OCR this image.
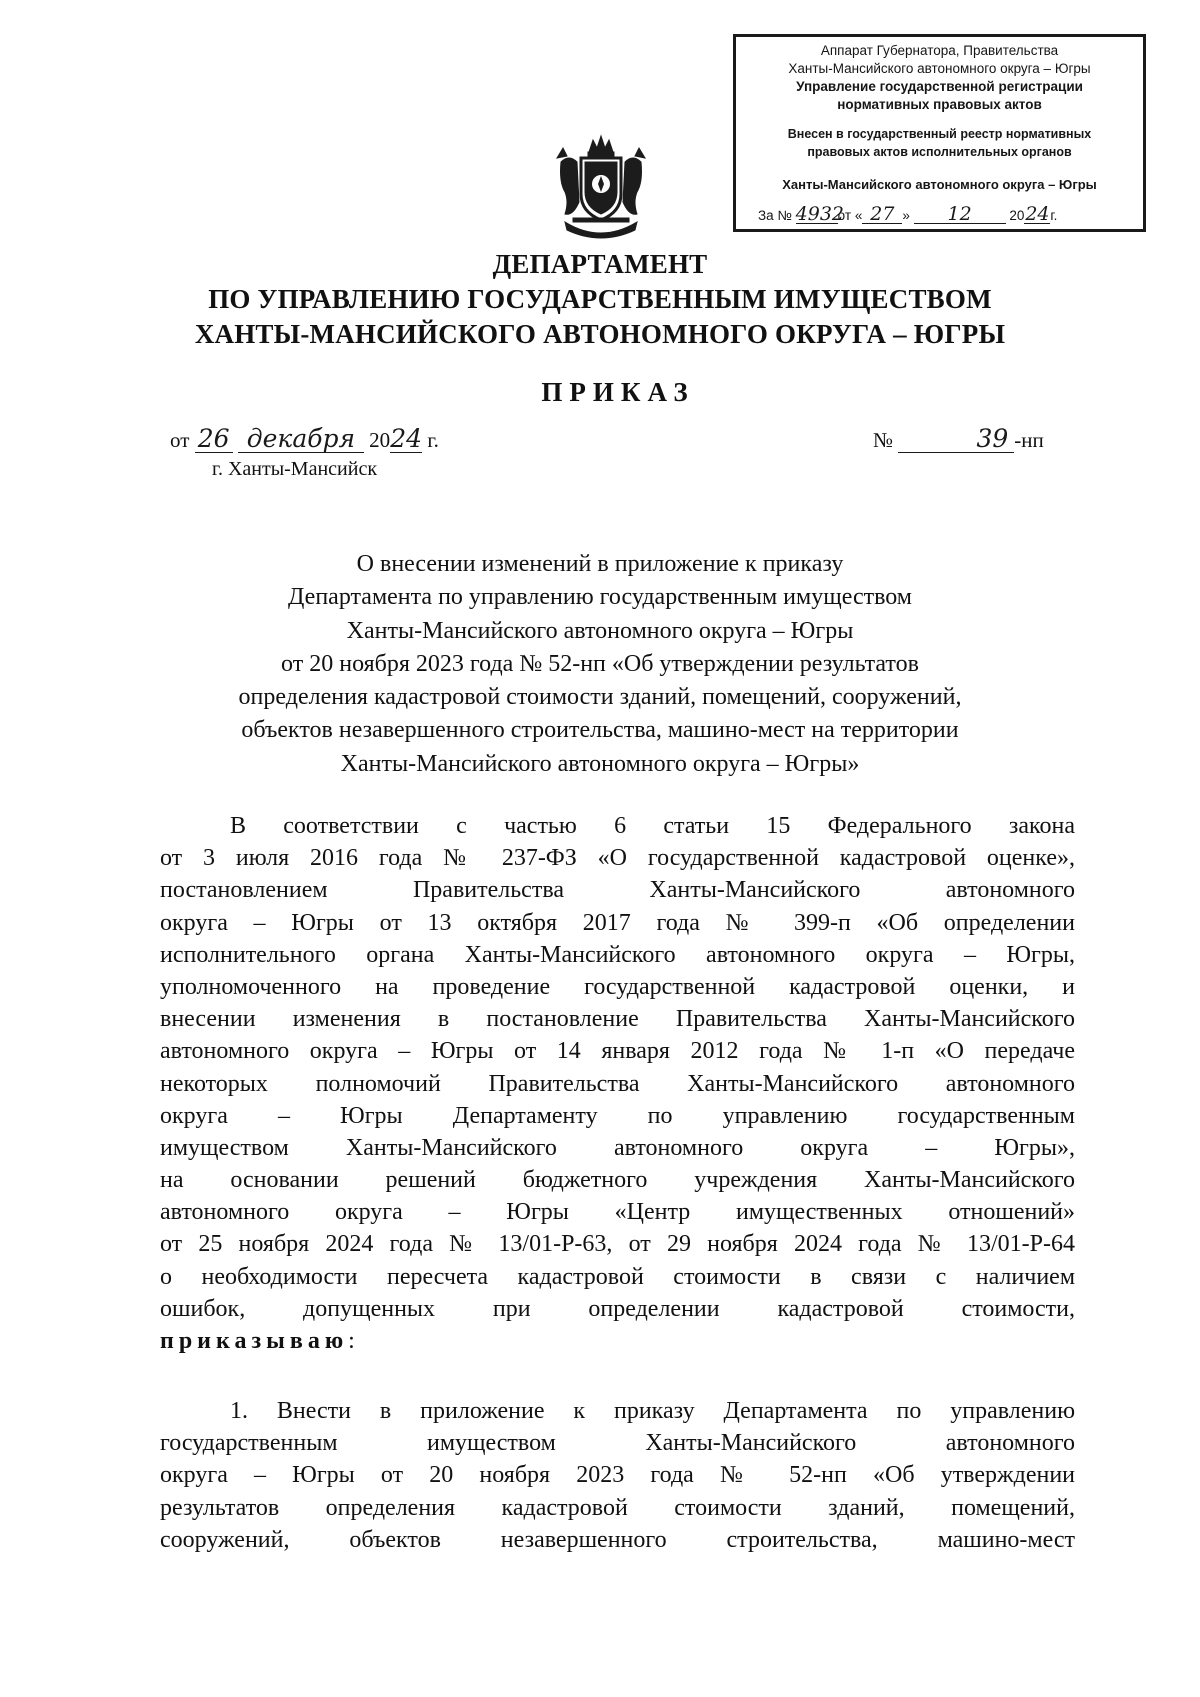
Аппарат Губернатора, Правительства
Ханты-Мансийского автономного округа – Югры
Управление государственной регистрации
нормативных правовых актов
Внесен в государственный реестр нормативных
правовых актов исполнительных органов
Ханты-Мансийского автономного округа – Югры
За № 4932от « 27 » 12	2024г.
ДЕПАРТАМЕНТ
ПО УПРАВЛЕНИЮ ГОСУДАРСТВЕННЫМ ИМУЩЕСТВОМ
ХАНТЫ-МАНСИЙСКОГО АВТОНОМНОГО ОКРУГА – ЮГРЫ
ПРИКАЗ
от 26 декабря 2024 г.
г. Ханты-Мансийск
№	39 -нп
О внесении изменений в приложение к приказу
Департамента по управлению государственным имуществом
Ханты-Мансийского автономного округа – Югры
от 20 ноября 2023 года № 52-нп «Об утверждении результатов
определения кадастровой стоимости зданий, помещений, сооружений,
объектов незавершенного строительства, машино-мест на территории
Ханты-Мансийского автономного округа – Югры»
В соответствии с частью 6 статьи 15 Федерального закона
от 3 июля 2016 года № 237-ФЗ «О государственной кадастровой оценке»,
постановлением Правительства Ханты-Мансийского автономного
округа – Югры от 13 октября 2017 года № 399-п «Об определении
исполнительного органа Ханты-Мансийского автономного округа – Югры,
уполномоченного на проведение государственной кадастровой оценки, и
внесении изменения в постановление Правительства Ханты-Мансийского
автономного округа – Югры от 14 января 2012 года № 1-п «О передаче
некоторых полномочий Правительства Ханты-Мансийского автономного
округа – Югры Департаменту по управлению государственным
имуществом Ханты-Мансийского автономного округа – Югры»,
на основании решений бюджетного учреждения Ханты-Мансийского
автономного округа – Югры «Центр имущественных отношений»
от 25 ноября 2024 года № 13/01-Р-63, от 29 ноября 2024 года № 13/01-Р-64
о необходимости пересчета кадастровой стоимости в связи с наличием
ошибок, допущенных при определении кадастровой стоимости,
приказываю:
1. Внести в приложение к приказу Департамента по управлению
государственным имуществом Ханты-Мансийского автономного
округа – Югры от 20 ноября 2023 года № 52-нп «Об утверждении
результатов определения кадастровой стоимости зданий, помещений,
сооружений, объектов незавершенного строительства, машино-мест
